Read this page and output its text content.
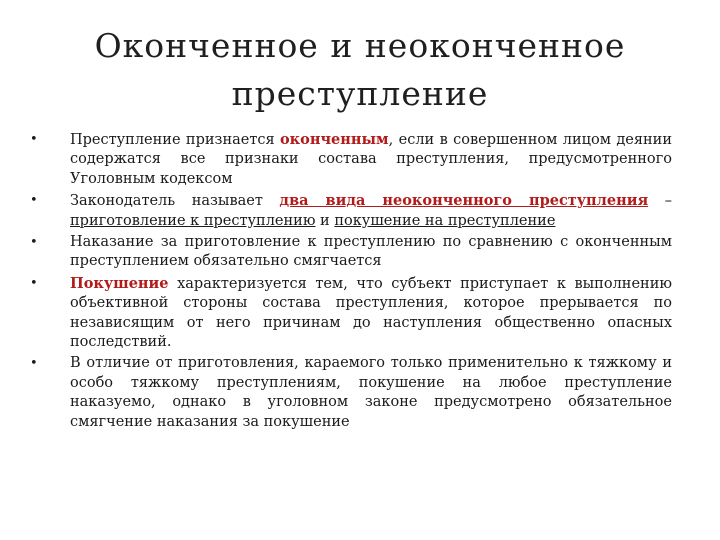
Оконченное и неоконченное
преступление
• Преступление признается оконченным, если в совершенном лицом деянии содержатся все признаки состава преступления, предусмотренного Уголовным кодексом
• Законодатель называет два вида неоконченного преступления – приготовление к преступлению и покушение на преступление
• Наказание за приготовление к преступлению по сравнению с оконченным преступлением обязательно смягчается
• Покушение характеризуется тем, что субъект приступает к выполнению объективной стороны состава преступления, которое прерывается по независящим от него причинам до наступления общественно опасных последствий.
• В отличие от приготовления, караемого только применительно к тяжкому и особо тяжкому преступлениям, покушение на любое преступление наказуемо, однако в уголовном законе предусмотрено обязательное смягчение наказания за покушение
